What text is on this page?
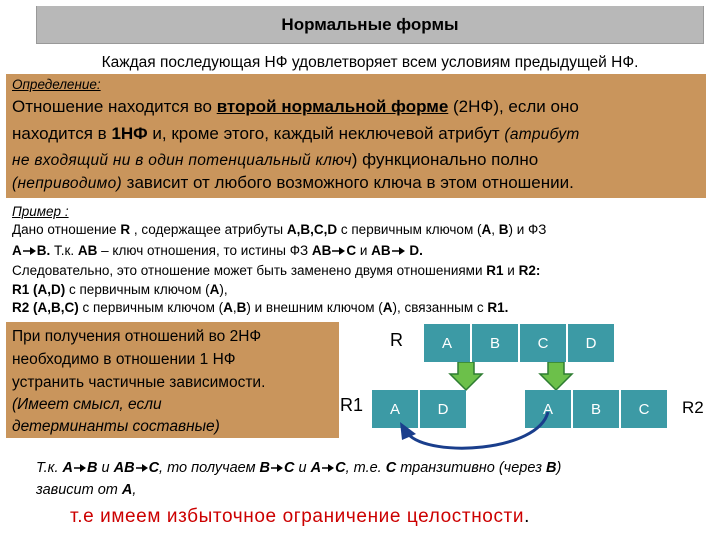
Нормальные формы
Каждая последующая НФ удовлетворяет всем условиям предыдущей НФ.
Определение:
Отношение находится во второй нормальной форме (2НФ), если оно
находится в 1НФ и, кроме этого, каждый неключевой атрибут (атрибут
не входящий ни в один потенциальный ключ) функционально полно
(неприводимо) зависит от любого возможного ключа в этом отношении.
Пример :
Дано отношение R , содержащее атрибуты A,B,C,D с первичным ключом (A, B) и ФЗ
A B. Т.к. AB – ключ отношения, то истины ФЗ AB C и AB D.
Следовательно, это отношение может быть заменено двумя отношениями R1 и R2:
R1 (A,D) с первичным ключом (A),
R2 (A,B,C) с первичным ключом (A,B) и внешним ключом (A), связанным с R1.
При получения отношений во 2НФ
необходимо в отношении 1 НФ
устранить частичные зависимости.
(Имеет смысл, если
детерминанты составные)
R	A	B	C	D
R1	A	D	A	B	C	R2
Т.к. A B и AB C, то получаем B C и A C, т.е. C транзитивно (через B)
зависит от A,
т.е имеем избыточное ограничение целостности.
